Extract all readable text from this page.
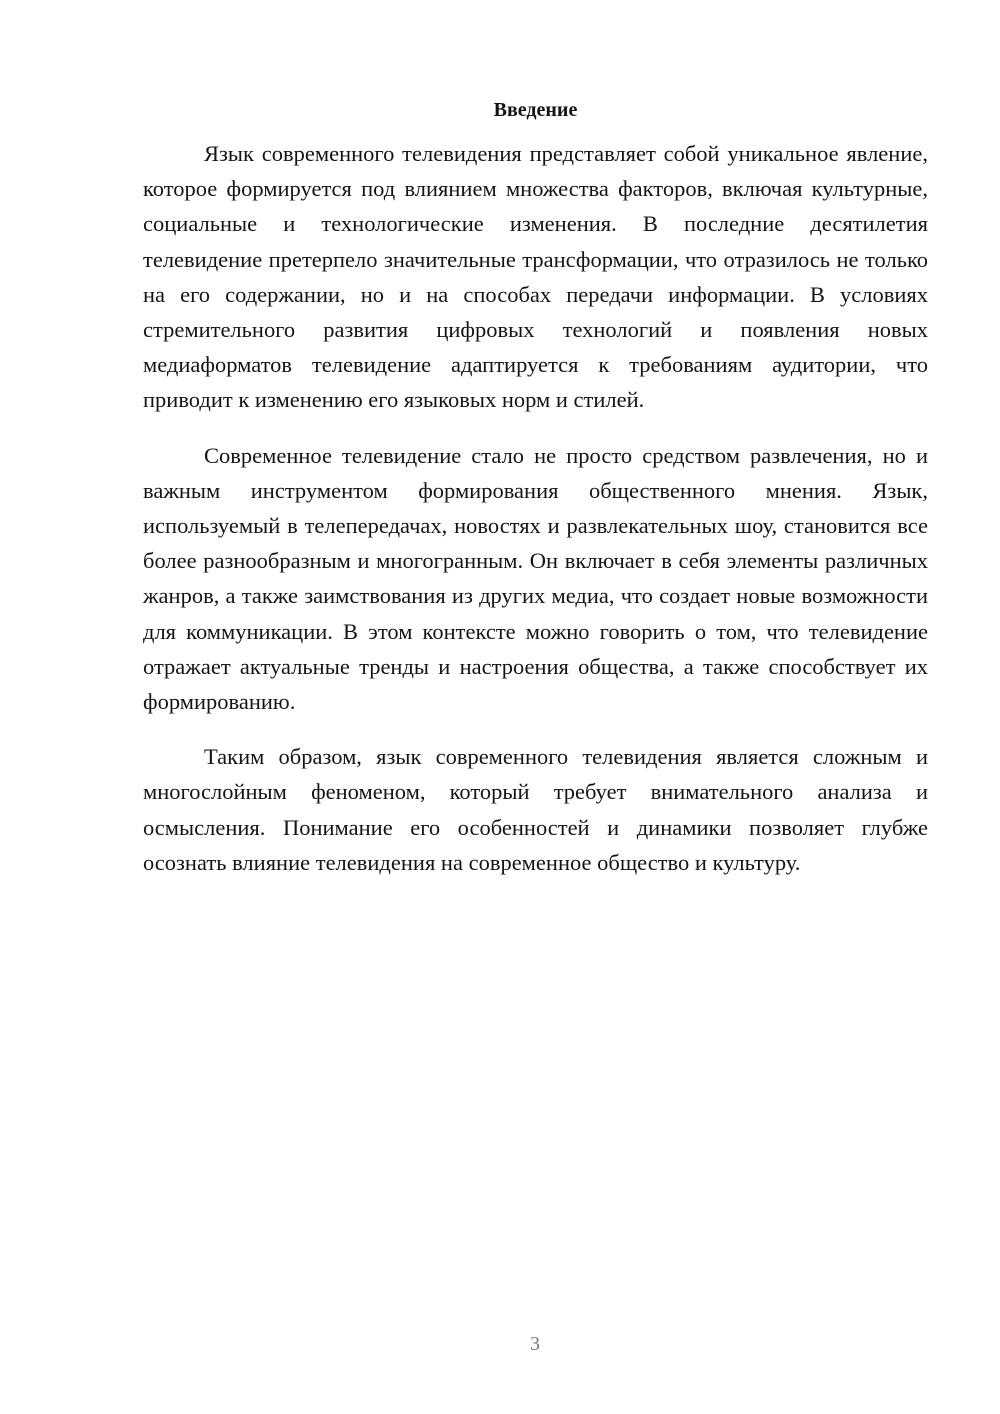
Введение

Язык современного телевидения представляет собой уникальное явление, которое формируется под влиянием множества факторов, включая культурные, социальные и технологические изменения. В последние десятилетия телевидение претерпело значительные трансформации, что отразилось не только на его содержании, но и на способах передачи информации. В условиях стремительного развития цифровых технологий и появления новых медиаформатов телевидение адаптируется к требованиям аудитории, что приводит к изменению его языковых норм и стилей.

Современное телевидение стало не просто средством развлечения, но и важным инструментом формирования общественного мнения. Язык, используемый в телепередачах, новостях и развлекательных шоу, становится все более разнообразным и многогранным. Он включает в себя элементы различных жанров, а также заимствования из других медиа, что создает новые возможности для коммуникации. В этом контексте можно говорить о том, что телевидение отражает актуальные тренды и настроения общества, а также способствует их формированию.

Таким образом, язык современного телевидения является сложным и многослойным феноменом, который требует внимательного анализа и осмысления. Понимание его особенностей и динамики позволяет глубже осознать влияние телевидения на современное общество и культуру.

3
